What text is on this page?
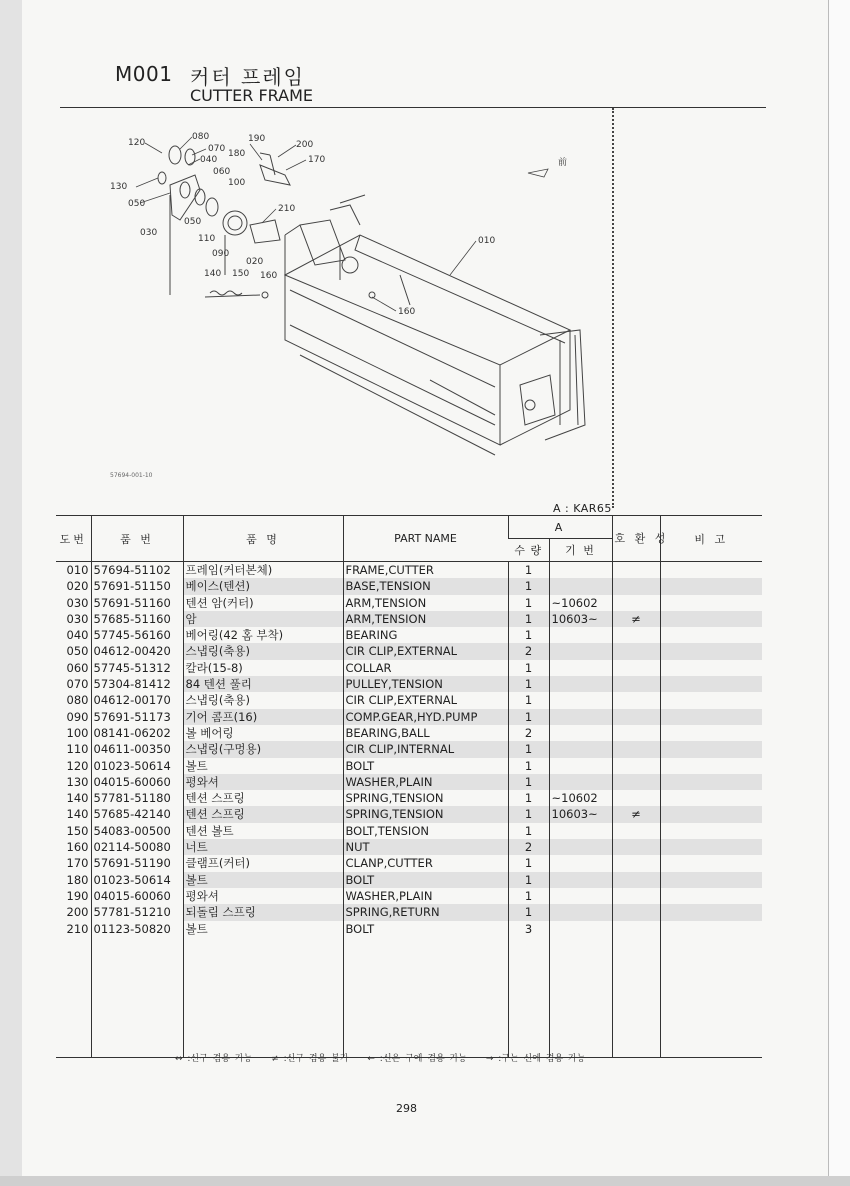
M001 커터 프레임
CUTTER FRAME
120
080
070
040
180
190
200
170
130
060
100
050	210
050
110
030
090
020
010
140 150 160
160
前
57694-001-10
A : KAR65
도번	품 번	품 명	PART NAME	A		호 환 성	비 고
				수 량	기 번		
010	57694-51102	프레임(커터본체)	FRAME,CUTTER	1			
020	57691-51150	베이스(텐션)	BASE,TENSION	1			
030	57691-51160	텐션 암(커터)	ARM,TENSION	1	~10602		
030	57685-51160	암	ARM,TENSION	1	10603~	≠	
040	57745-56160	베어링(42 홈 부착)	BEARING	1			
050	04612-00420	스냅링(축용)	CIR CLIP,EXTERNAL	2			
060	57745-51312	칼라(15-8)	COLLAR	1			
070	57304-81412	84 텐션 풀리	PULLEY,TENSION	1			
080	04612-00170	스냅링(축용)	CIR CLIP,EXTERNAL	1			
090	57691-51173	기어 콤프(16)	COMP.GEAR,HYD.PUMP	1			
100	08141-06202	볼 베어링	BEARING,BALL	2			
110	04611-00350	스냅링(구멍용)	CIR CLIP,INTERNAL	1			
120	01023-50614	볼트	BOLT	1			
130	04015-60060	평와셔	WASHER,PLAIN	1			
140	57781-51180	텐션 스프링	SPRING,TENSION	1	~10602		
140	57685-42140	텐션 스프링	SPRING,TENSION	1	10603~	≠	
150	54083-00500	텐션 볼트	BOLT,TENSION	1			
160	02114-50080	너트	NUT	2			
170	57691-51190	클램프(커터)	CLANP,CUTTER	1			
180	01023-50614	볼트	BOLT	1			
190	04015-60060	평와셔	WASHER,PLAIN	1			
200	57781-51210	되돌림 스프링	SPRING,RETURN	1			
210	01123-50820	볼트	BOLT	3			

↔ :신구 겸용 가능 ≠ :신구 겸용 불가 ← :신은 구에 겸용 가능 → :구는 신에 겸용 가능
298
